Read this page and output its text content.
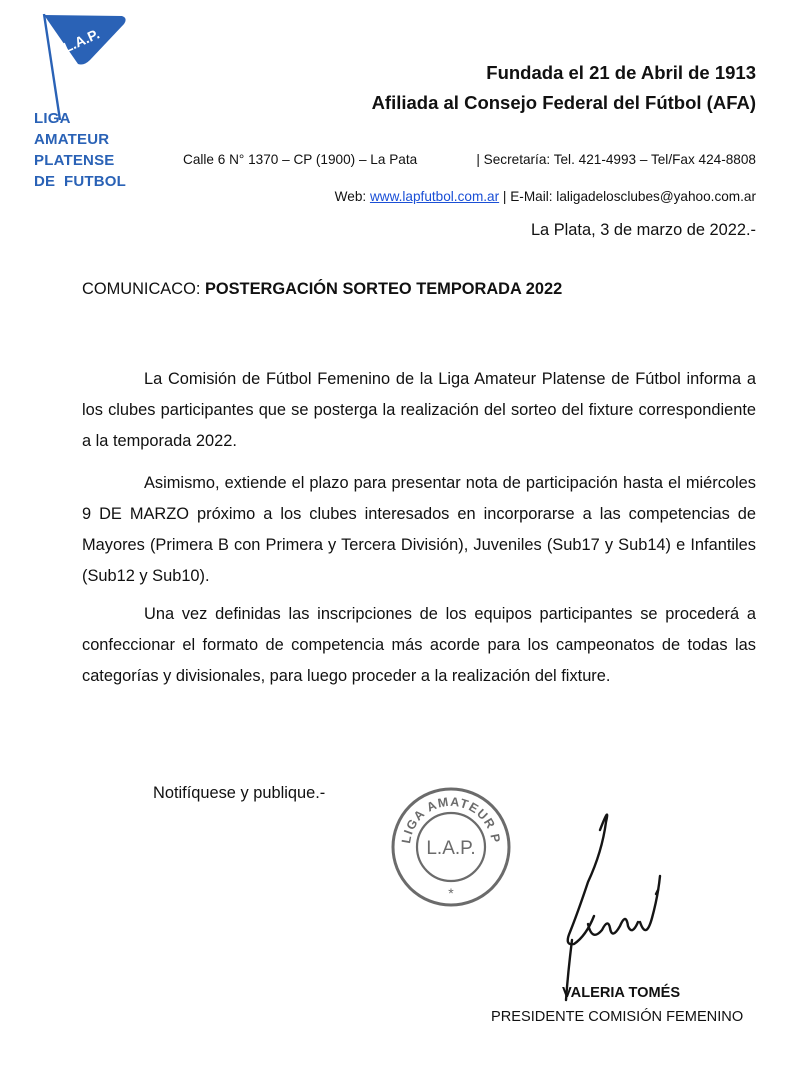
L.A.P.
LIGA
AMATEUR
PLATENSE
DE  FUTBOL
Fundada el 21 de Abril de 1913
Afiliada al Consejo Federal del Fútbol (AFA)
Calle 6 N° 1370 – CP (1900) – La Pata	| Secretaría: Tel. 421-4993 – Tel/Fax 424-8808
Web: www.lapfutbol.com.ar | E-Mail: laligadelosclubes@yahoo.com.ar
La Plata, 3 de marzo de 2022.-
COMUNICACO: POSTERGACIÓN SORTEO TEMPORADA 2022

La Comisión de Fútbol Femenino de la Liga Amateur Platense de Fútbol informa a los clubes participantes que se posterga la realización del sorteo del fixture correspondiente a la temporada 2022.

Asimismo, extiende el plazo para presentar nota de participación hasta el miércoles 9 DE MARZO próximo a los clubes interesados en incorporarse a las competencias de Mayores (Primera B con Primera y Tercera División), Juveniles (Sub17 y Sub14) e Infantiles (Sub12 y Sub10).

Una vez definidas las inscripciones de los equipos participantes se procederá a confeccionar el formato de competencia más acorde para los campeonatos de todas las categorías y divisionales, para luego proceder a la realización del fixture.

Notifíquese y publique.-
LIGA AMATEUR P
L.A.P.
*
VALERIA TOMÉS
PRESIDENTE COMISIÓN FEMENINO
